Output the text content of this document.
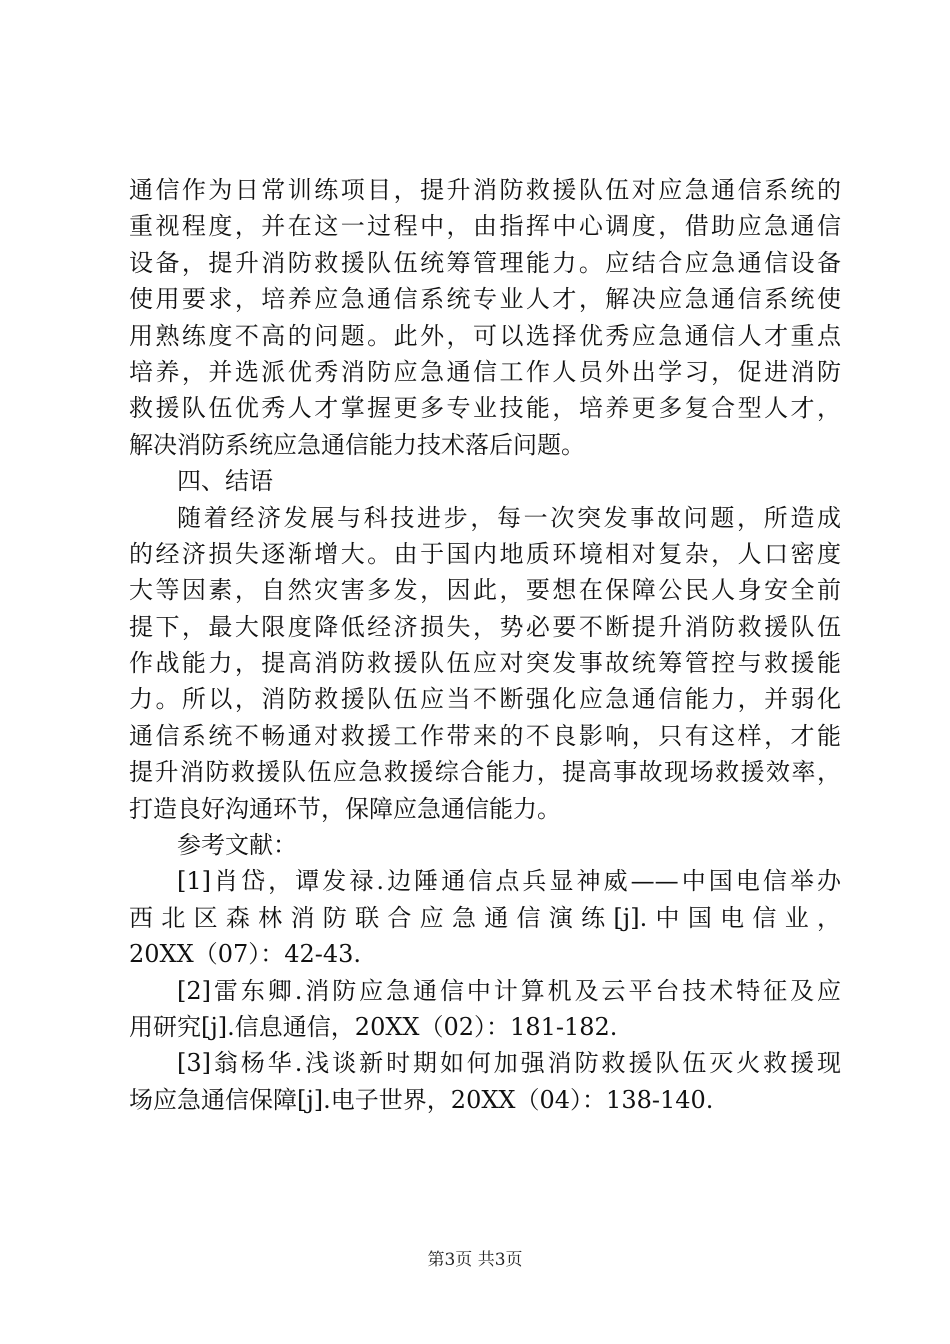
通信作为日常训练项目，提升消防救援队伍对应急通信系统的
重视程度，并在这一过程中，由指挥中心调度，借助应急通信
设备，提升消防救援队伍统筹管理能力。应结合应急通信设备
使用要求，培养应急通信系统专业人才，解决应急通信系统使
用熟练度不高的问题。此外，可以选择优秀应急通信人才重点
培养，并选派优秀消防应急通信工作人员外出学习，促进消防
救援队伍优秀人才掌握更多专业技能，培养更多复合型人才，
解决消防系统应急通信能力技术落后问题。
四、结语
随着经济发展与科技进步，每一次突发事故问题，所造成
的经济损失逐渐增大。由于国内地质环境相对复杂，人口密度
大等因素，自然灾害多发，因此，要想在保障公民人身安全前
提下，最大限度降低经济损失，势必要不断提升消防救援队伍
作战能力，提高消防救援队伍应对突发事故统筹管控与救援能
力。所以，消防救援队伍应当不断强化应急通信能力，并弱化
通信系统不畅通对救援工作带来的不良影响，只有这样，才能
提升消防救援队伍应急救援综合能力，提高事故现场救援效率，
打造良好沟通环节，保障应急通信能力。
参考文献：
[1]肖岱，谭发禄.边陲通信点兵显神威——中国电信举办
西北区森林消防联合应急通信演练[j].中国电信业，
20XX（07）：42-43.
[2]雷东卿.消防应急通信中计算机及云平台技术特征及应
用研究[j].信息通信，20XX（02）：181-182.
[3]翁杨华.浅谈新时期如何加强消防救援队伍灭火救援现
场应急通信保障[j].电子世界，20XX（04）：138-140.
第3页 共3页
